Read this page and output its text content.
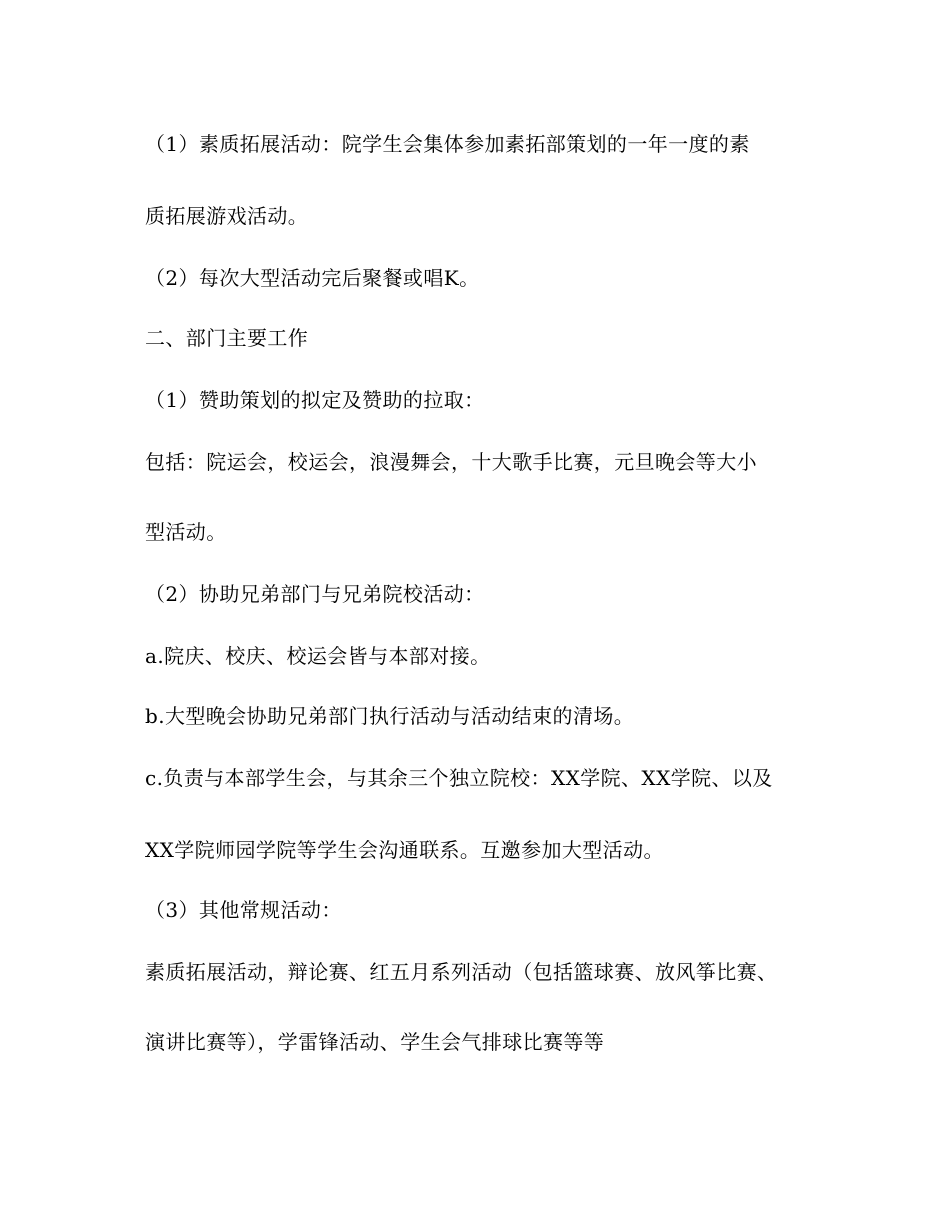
（1）素质拓展活动：院学生会集体参加素拓部策划的一年一度的素
质拓展游戏活动。
（2）每次大型活动完后聚餐或唱K。
二、部门主要工作
（1）赞助策划的拟定及赞助的拉取：
包括：院运会，校运会，浪漫舞会，十大歌手比赛，元旦晚会等大小
型活动。
（2）协助兄弟部门与兄弟院校活动：
a.院庆、校庆、校运会皆与本部对接。
b.大型晚会协助兄弟部门执行活动与活动结束的清场。
c.负责与本部学生会，与其余三个独立院校：XX学院、XX学院、以及
XX学院师园学院等学生会沟通联系。互邀参加大型活动。
（3）其他常规活动：
素质拓展活动，辩论赛、红五月系列活动（包括篮球赛、放风筝比赛、
演讲比赛等），学雷锋活动、学生会气排球比赛等等
